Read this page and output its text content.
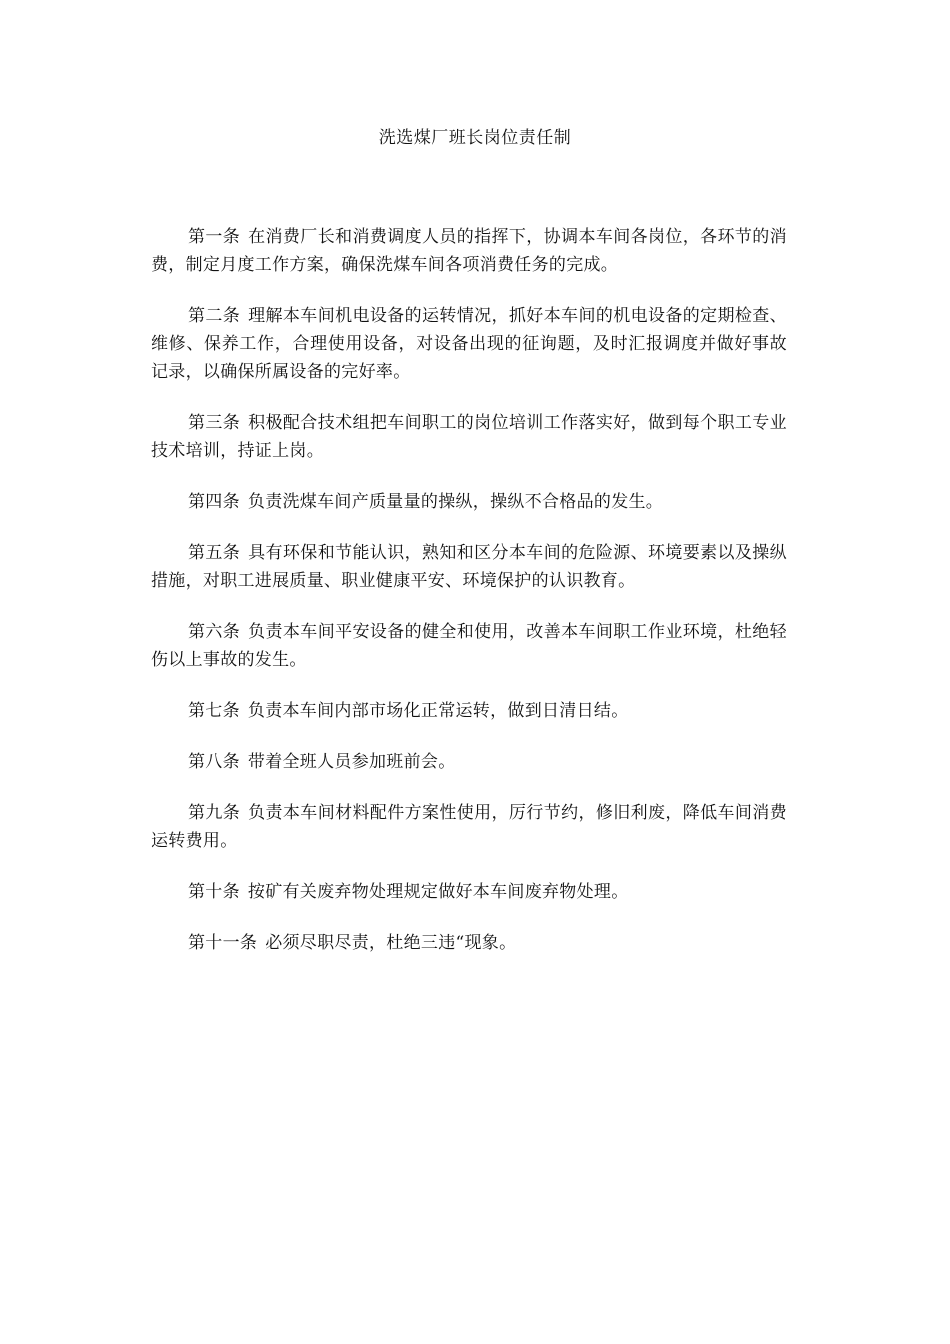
洗选煤厂班长岗位责任制

第一条 在消费厂长和消费调度人员的指挥下，协调本车间各岗位，各环节的消费，制定月度工作方案，确保洗煤车间各项消费任务的完成。

第二条 理解本车间机电设备的运转情况，抓好本车间的机电设备的定期检查、维修、保养工作，合理使用设备，对设备出现的征询题，及时汇报调度并做好事故记录，以确保所属设备的完好率。

第三条 积极配合技术组把车间职工的岗位培训工作落实好，做到每个职工专业技术培训，持证上岗。

第四条 负责洗煤车间产质量量的操纵，操纵不合格品的发生。

第五条 具有环保和节能认识，熟知和区分本车间的危险源、环境要素以及操纵措施，对职工进展质量、职业健康平安、环境保护的认识教育。

第六条 负责本车间平安设备的健全和使用，改善本车间职工作业环境，杜绝轻伤以上事故的发生。

第七条 负责本车间内部市场化正常运转，做到日清日结。

第八条 带着全班人员参加班前会。

第九条 负责本车间材料配件方案性使用，厉行节约，修旧利废，降低车间消费运转费用。

第十条 按矿有关废弃物处理规定做好本车间废弃物处理。

第十一条 必须尽职尽责，杜绝三违“现象。
